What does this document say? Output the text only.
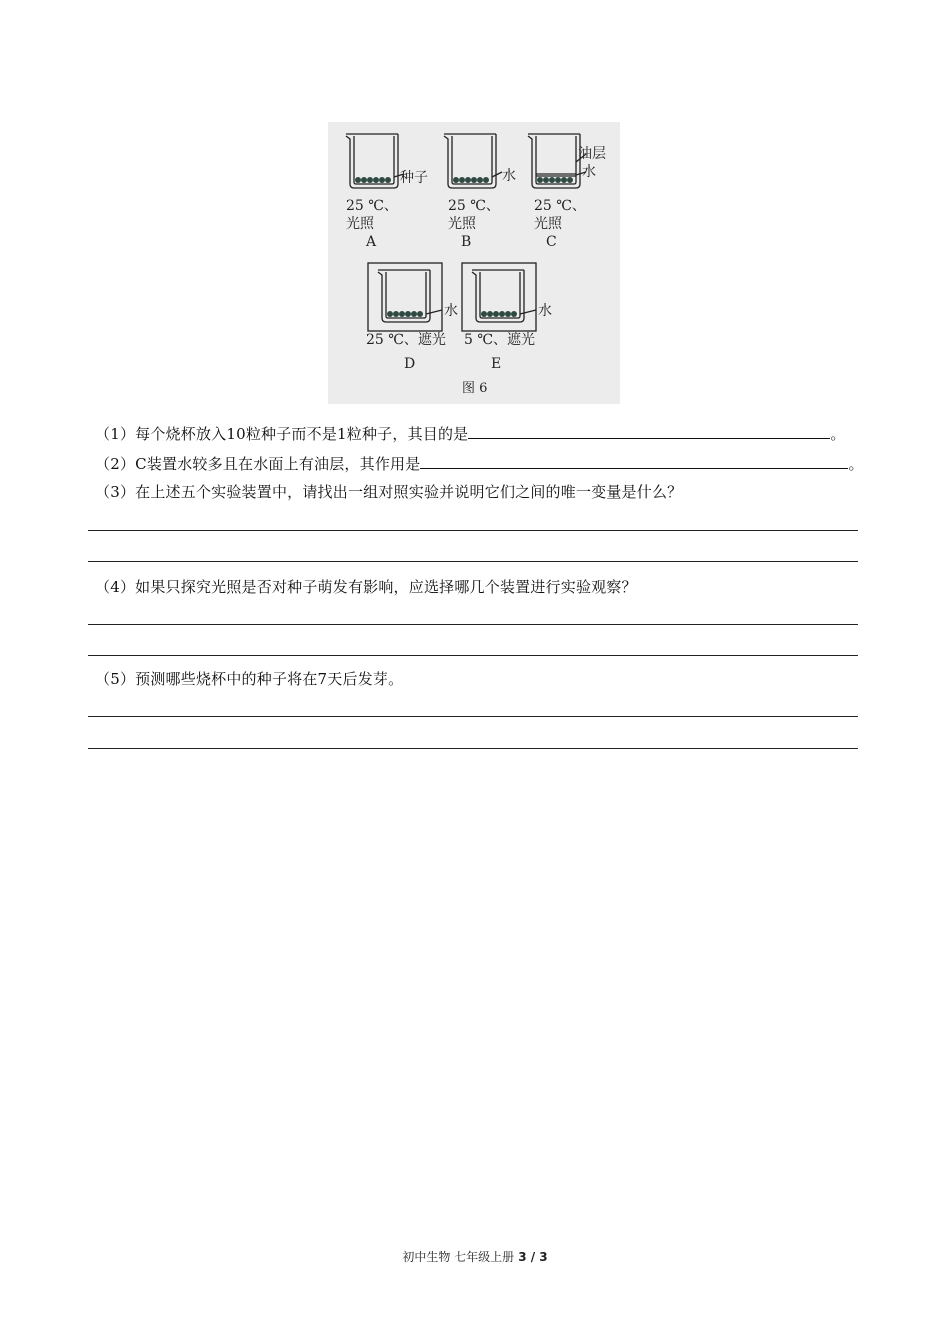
种子
25 ℃、
光照
A
水
25 ℃、
光照
B
油层
水
25 ℃、
光照
C
水
25 ℃、遮光
D
水
5 ℃、遮光
E
图 6
（1）每个烧杯放入10粒种子而不是1粒种子，其目的是	。
（2）C装置水较多且在水面上有油层，其作用是	。
（3）在上述五个实验装置中，请找出一组对照实验并说明它们之间的唯一变量是什么？
（4）如果只探究光照是否对种子萌发有影响，应选择哪几个装置进行实验观察？
（5）预测哪些烧杯中的种子将在7天后发芽。
初中生物 七年级上册 3 / 3
